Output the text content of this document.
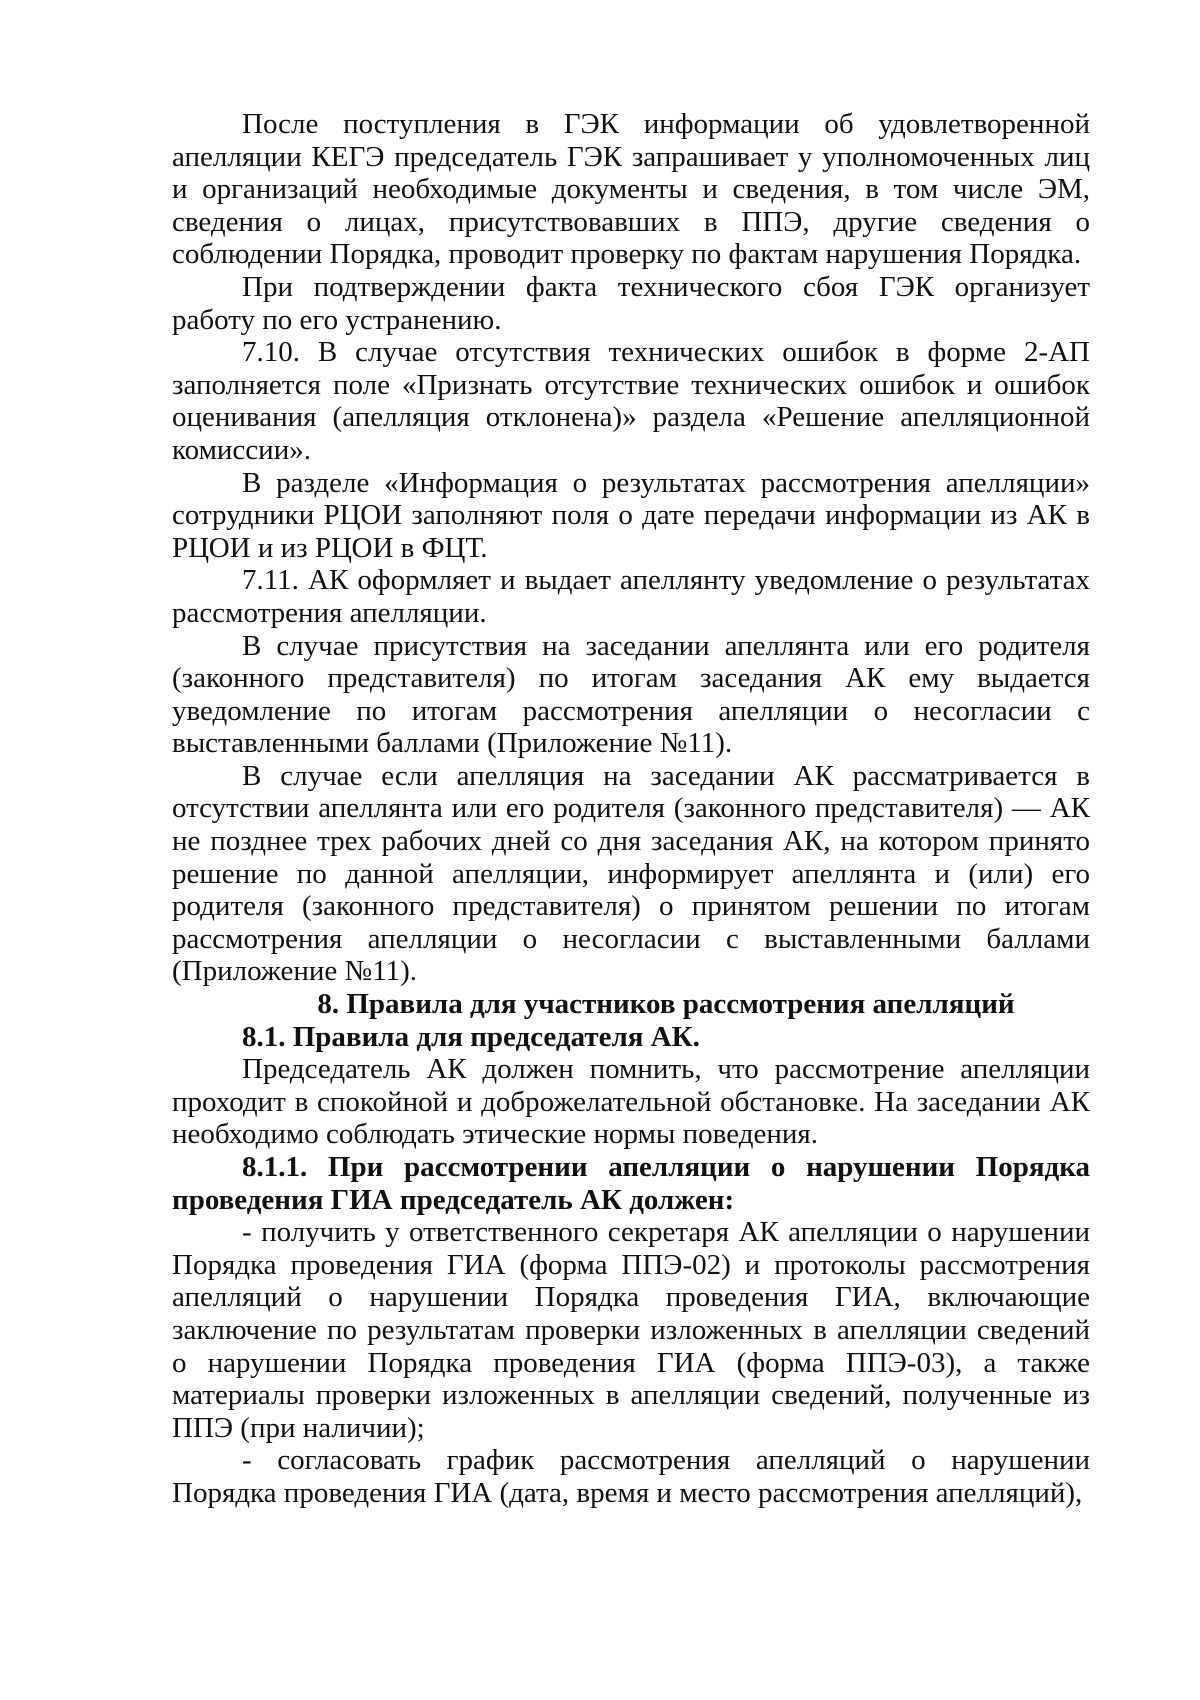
После поступления в ГЭК информации об удовлетворенной апелляции КЕГЭ председатель ГЭК запрашивает у уполномоченных лиц и организаций необходимые документы и сведения, в том числе ЭМ, сведения о лицах, присутствовавших в ППЭ, другие сведения о соблюдении Порядка, проводит проверку по фактам нарушения Порядка.

При подтверждении факта технического сбоя ГЭК организует работу по его устранению.

7.10. В случае отсутствия технических ошибок в форме 2-АП заполняется поле «Признать отсутствие технических ошибок и ошибок оценивания (апелляция отклонена)» раздела «Решение апелляционной комиссии».

В разделе «Информация о результатах рассмотрения апелляции» сотрудники РЦОИ заполняют поля о дате передачи информации из АК в РЦОИ и из РЦОИ в ФЦТ.

7.11. АК оформляет и выдает апеллянту уведомление о результатах рассмотрения апелляции.

В случае присутствия на заседании апеллянта или его родителя (законного представителя) по итогам заседания АК ему выдается уведомление по итогам рассмотрения апелляции о несогласии с выставленными баллами (Приложение №11).

В случае если апелляция на заседании АК рассматривается в отсутствии апеллянта или его родителя (законного представителя) — АК не позднее трех рабочих дней со дня заседания АК, на котором принято решение по данной апелляции, информирует апеллянта и (или) его родителя (законного представителя) о принятом решении по итогам рассмотрения апелляции о несогласии с выставленными баллами (Приложение №11).

8. Правила для участников рассмотрения апелляций

8.1. Правила для председателя АК.

Председатель АК должен помнить, что рассмотрение апелляции проходит в спокойной и доброжелательной обстановке. На заседании АК необходимо соблюдать этические нормы поведения.

8.1.1. При рассмотрении апелляции о нарушении Порядка проведения ГИА председатель АК должен:

- получить у ответственного секретаря АК апелляции о нарушении Порядка проведения ГИА (форма ППЭ-02) и протоколы рассмотрения апелляций о нарушении Порядка проведения ГИА, включающие заключение по результатам проверки изложенных в апелляции сведений о нарушении Порядка проведения ГИА (форма ППЭ-03), а также материалы проверки изложенных в апелляции сведений, полученные из ППЭ (при наличии);

- согласовать график рассмотрения апелляций о нарушении Порядка проведения ГИА (дата, время и место рассмотрения апелляций),
